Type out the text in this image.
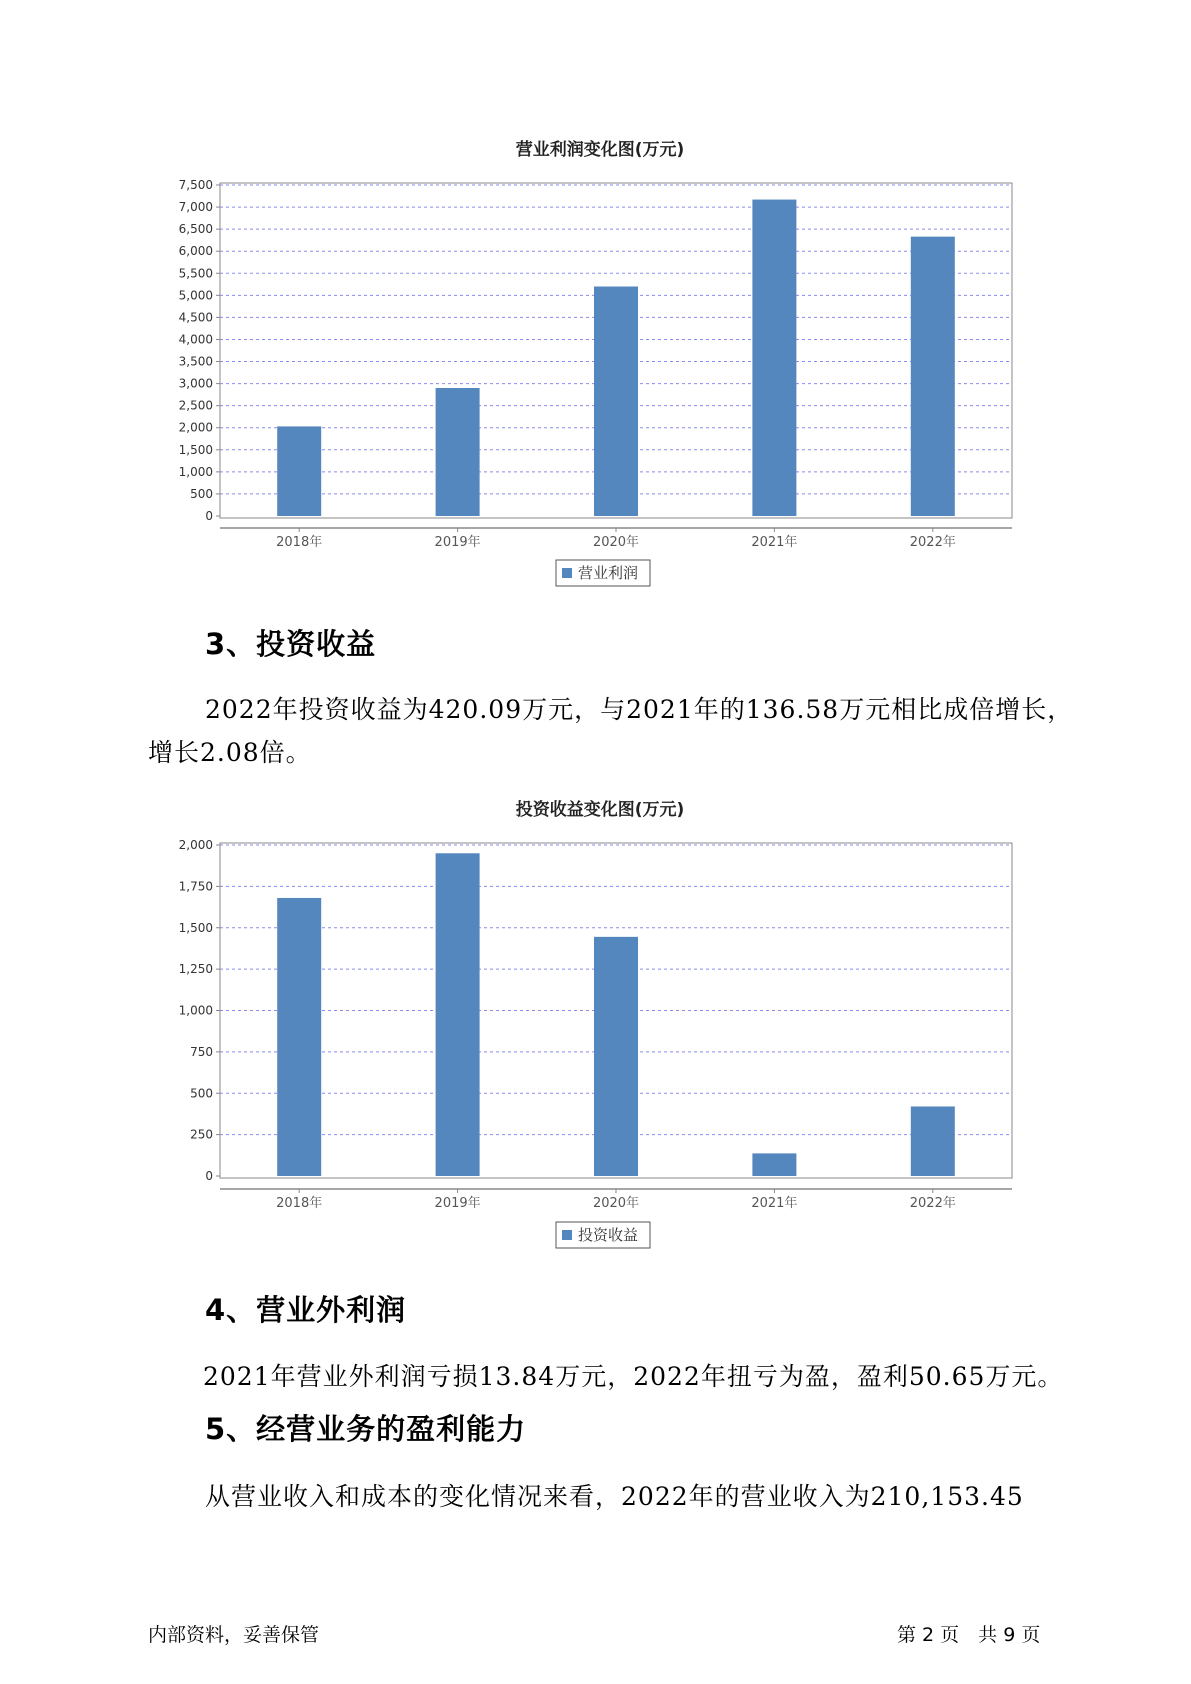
营业利润变化图(万元)
0
500
1,000
1,500
2,000
2,500
3,000
3,500
4,000
4,500
5,000
5,500
6,000
6,500
7,000
7,500
2018年	2019年	2020年	2021年	2022年
营业利润
3、投资收益
2022年投资收益为420.09万元，与2021年的136.58万元相比成倍增长，
增长2.08倍。
投资收益变化图(万元)
0
250
500
750
1,000
1,250
1,500
1,750
2,000
2018年	2019年	2020年	2021年	2022年
投资收益
4、营业外利润
2021年营业外利润亏损13.84万元，2022年扭亏为盈，盈利50.65万元。
5、经营业务的盈利能力
从营业收入和成本的变化情况来看，2022年的营业收入为210,153.45
内部资料，妥善保管	第 2 页　共 9 页
